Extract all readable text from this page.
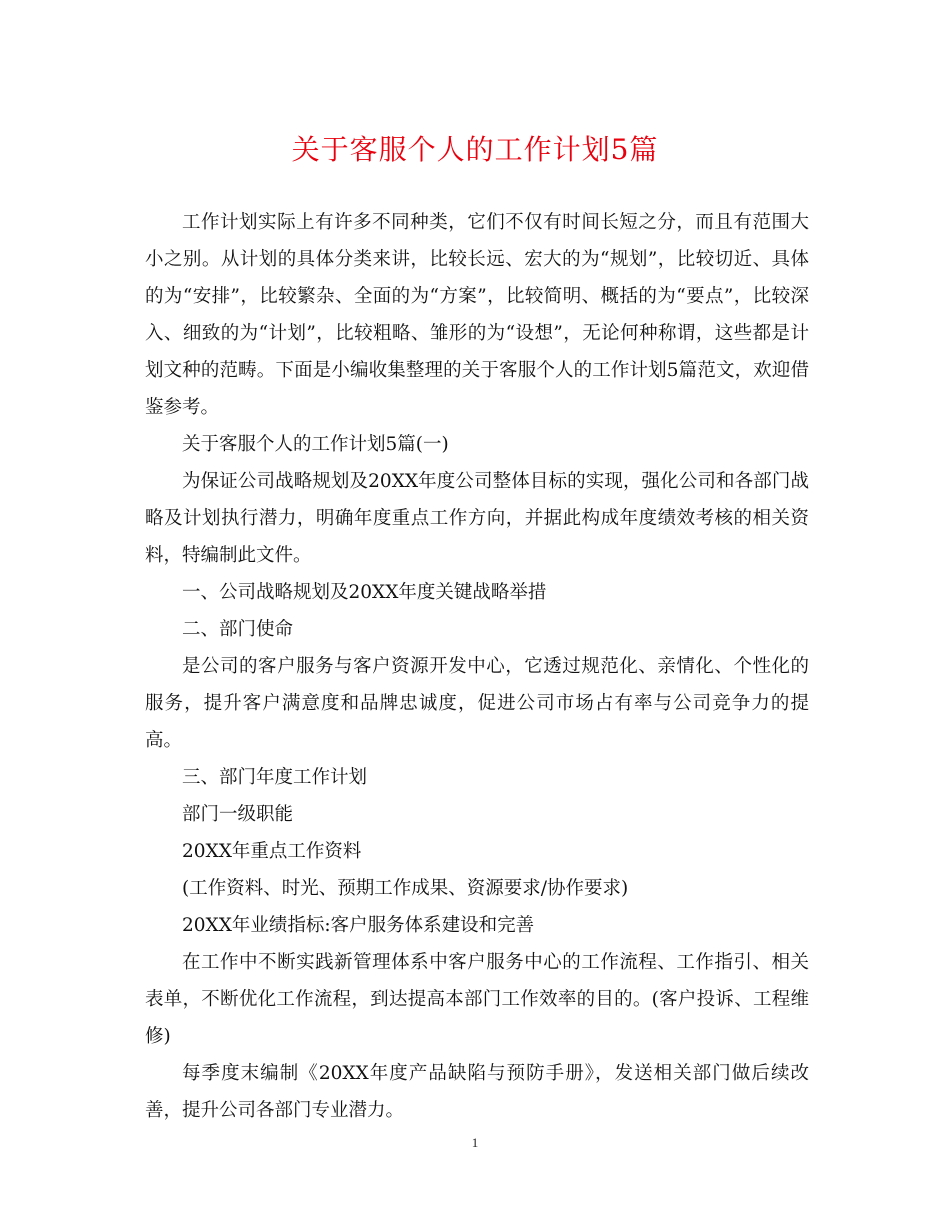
关于客服个人的工作计划5篇

工作计划实际上有许多不同种类，它们不仅有时间长短之分，而且有范围大小之别。从计划的具体分类来讲，比较长远、宏大的为“规划”，比较切近、具体的为“安排”，比较繁杂、全面的为“方案”，比较简明、概括的为“要点”，比较深入、细致的为“计划”，比较粗略、雏形的为“设想”，无论何种称谓，这些都是计划文种的范畴。下面是小编收集整理的关于客服个人的工作计划5篇范文，欢迎借鉴参考。

关于客服个人的工作计划5篇(一)

为保证公司战略规划及20XX年度公司整体目标的实现，强化公司和各部门战略及计划执行潜力，明确年度重点工作方向，并据此构成年度绩效考核的相关资料，特编制此文件。

一、公司战略规划及20XX年度关键战略举措

二、部门使命

是公司的客户服务与客户资源开发中心，它透过规范化、亲情化、个性化的服务，提升客户满意度和品牌忠诚度，促进公司市场占有率与公司竞争力的提高。

三、部门年度工作计划

部门一级职能

20XX年重点工作资料

(工作资料、时光、预期工作成果、资源要求/协作要求)

20XX年业绩指标:客户服务体系建设和完善

在工作中不断实践新管理体系中客户服务中心的工作流程、工作指引、相关表单，不断优化工作流程，到达提高本部门工作效率的目的。(客户投诉、工程维修)

每季度末编制《20XX年度产品缺陷与预防手册》，发送相关部门做后续改善，提升公司各部门专业潜力。

1
